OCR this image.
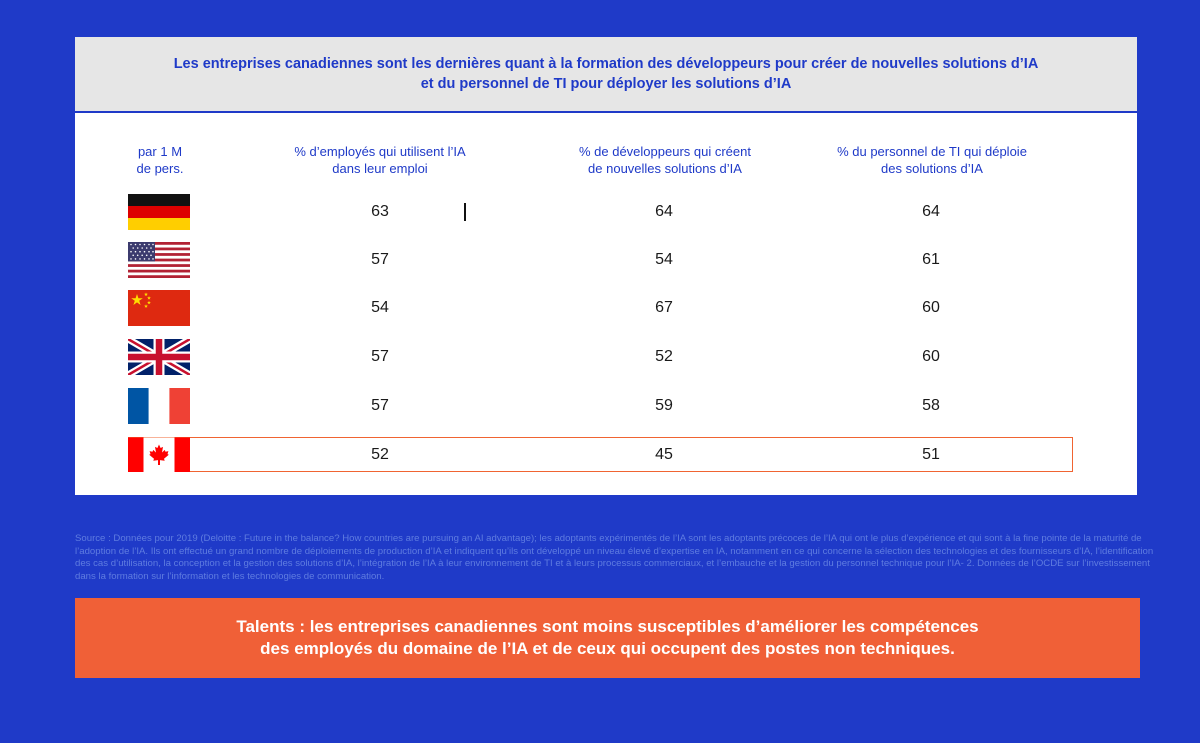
Les entreprises canadiennes sont les dernières quant à la formation des développeurs pour créer de nouvelles solutions d’IA
et du personnel de TI pour déployer les solutions d’IA
par 1 M
de pers.
% d’employés qui utilisent l’IA
dans leur emploi
% de développeurs qui créent
de nouvelles solutions d’IA
% du personnel de TI qui déploie
des solutions d’IA
63	64	64
57	54	61
54	67	60
57	52	60
57	59	58
52	45	51
Source : Données pour 2019 (Deloitte : Future in the balance? How countries are pursuing an AI advantage); les adoptants expérimentés de l’IA sont les adoptants précoces de l’IA qui ont le plus d’expérience et qui sont à la fine pointe de la maturité de l’adoption de l’IA. Ils ont effectué un grand nombre de déploiements de production d’IA et indiquent qu’ils ont développé un niveau élevé d’expertise en IA, notamment en ce qui concerne la sélection des technologies et des fournisseurs d’IA, l’identification des cas d’utilisation, la conception et la gestion des solutions d’IA, l’intégration de l’IA à leur environnement de TI et à leurs processus commerciaux, et l’embauche et la gestion du personnel technique pour l’IA- 2. Données de l’OCDE sur l’investissement dans la formation sur l’information et les technologies de communication.
Talents : les entreprises canadiennes sont moins susceptibles d’améliorer les compétences
des employés du domaine de l’IA et de ceux qui occupent des postes non techniques.
